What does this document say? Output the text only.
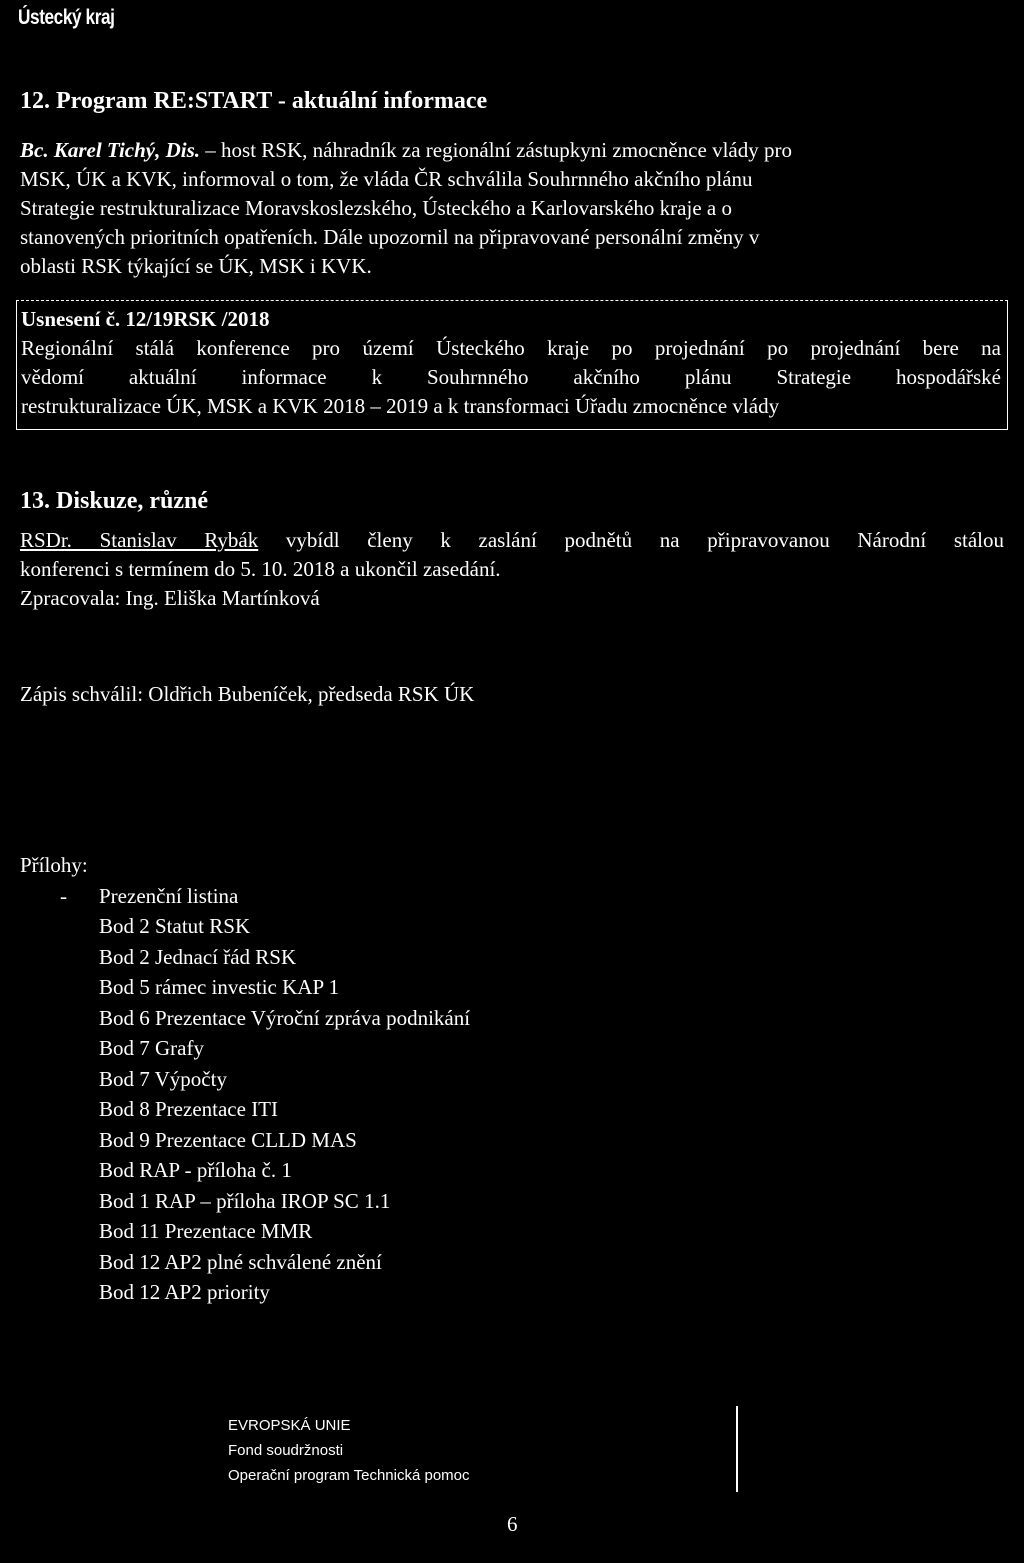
Ústecký kraj
12. Program RE:START - aktuální informace
Bc. Karel Tichý, Dis. – host RSK, náhradník za regionální zástupkyni zmocněnce vlády pro
MSK, ÚK a KVK, informoval o tom, že vláda ČR schválila Souhrnného akčního plánu
Strategie restrukturalizace Moravskoslezského, Ústeckého a Karlovarského kraje a o
stanovených prioritních opatřeních. Dále upozornil na připravované personální změny v
oblasti RSK týkající se ÚK, MSK i KVK.
Usnesení č. 12/19RSK /2018
Regionální stálá konference pro území Ústeckého kraje po projednání po projednání bere na
vědomí aktuální informace k Souhrnného akčního plánu Strategie hospodářské
restrukturalizace ÚK, MSK a KVK 2018 – 2019 a k transformaci Úřadu zmocněnce vlády
13. Diskuze, různé
RSDr. Stanislav Rybák vybídl členy k zaslání podnětů na připravovanou Národní stálou
konferenci s termínem do 5. 10. 2018 a ukončil zasedání.
Zpracovala: Ing. Eliška Martínková
Zápis schválil: Oldřich Bubeníček, předseda RSK ÚK
Přílohy:
-	Prezenční listina
Bod 2 Statut RSK
Bod 2 Jednací řád RSK
Bod 5 rámec investic KAP 1
Bod 6 Prezentace Výroční zpráva podnikání
Bod 7 Grafy
Bod 7 Výpočty
Bod 8 Prezentace ITI
Bod 9 Prezentace CLLD MAS
Bod RAP - příloha č. 1
Bod 1 RAP – příloha IROP SC 1.1
Bod 11 Prezentace MMR
Bod 12 AP2 plné schválené znění
Bod 12 AP2 priority
EVROPSKÁ UNIE
Fond soudržnosti
Operační program Technická pomoc
6
